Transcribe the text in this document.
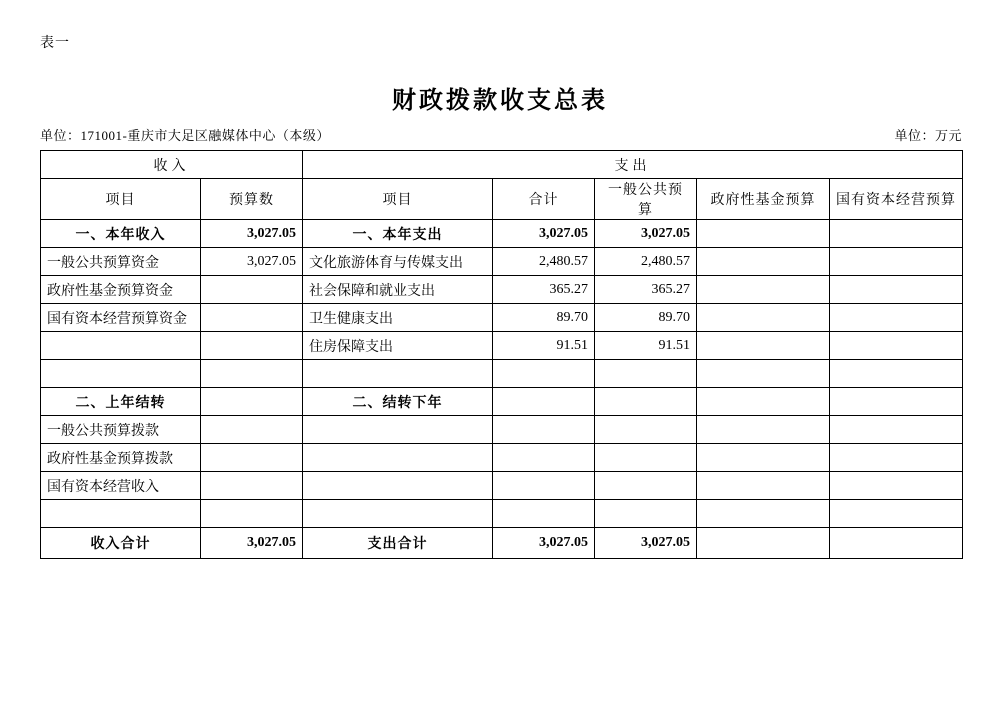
表一
财政拨款收支总表
单位：171001-重庆市大足区融媒体中心（本级）	单位：万元
收入		支出				
项目	预算数	项目	合计	一般公共预算	政府性基金预算	国有资本经营预算
一、本年收入	3,027.05	一、本年支出	3,027.05	3,027.05		
一般公共预算资金	3,027.05	文化旅游体育与传媒支出	2,480.57	2,480.57		
政府性基金预算资金		社会保障和就业支出	365.27	365.27		
国有资本经营预算资金		卫生健康支出	89.70	89.70		
		住房保障支出	91.51	91.51		

二、上年结转		二、结转下年				
一般公共预算拨款						
政府性基金预算拨款						
国有资本经营收入						

收入合计	3,027.05	支出合计	3,027.05	3,027.05		
